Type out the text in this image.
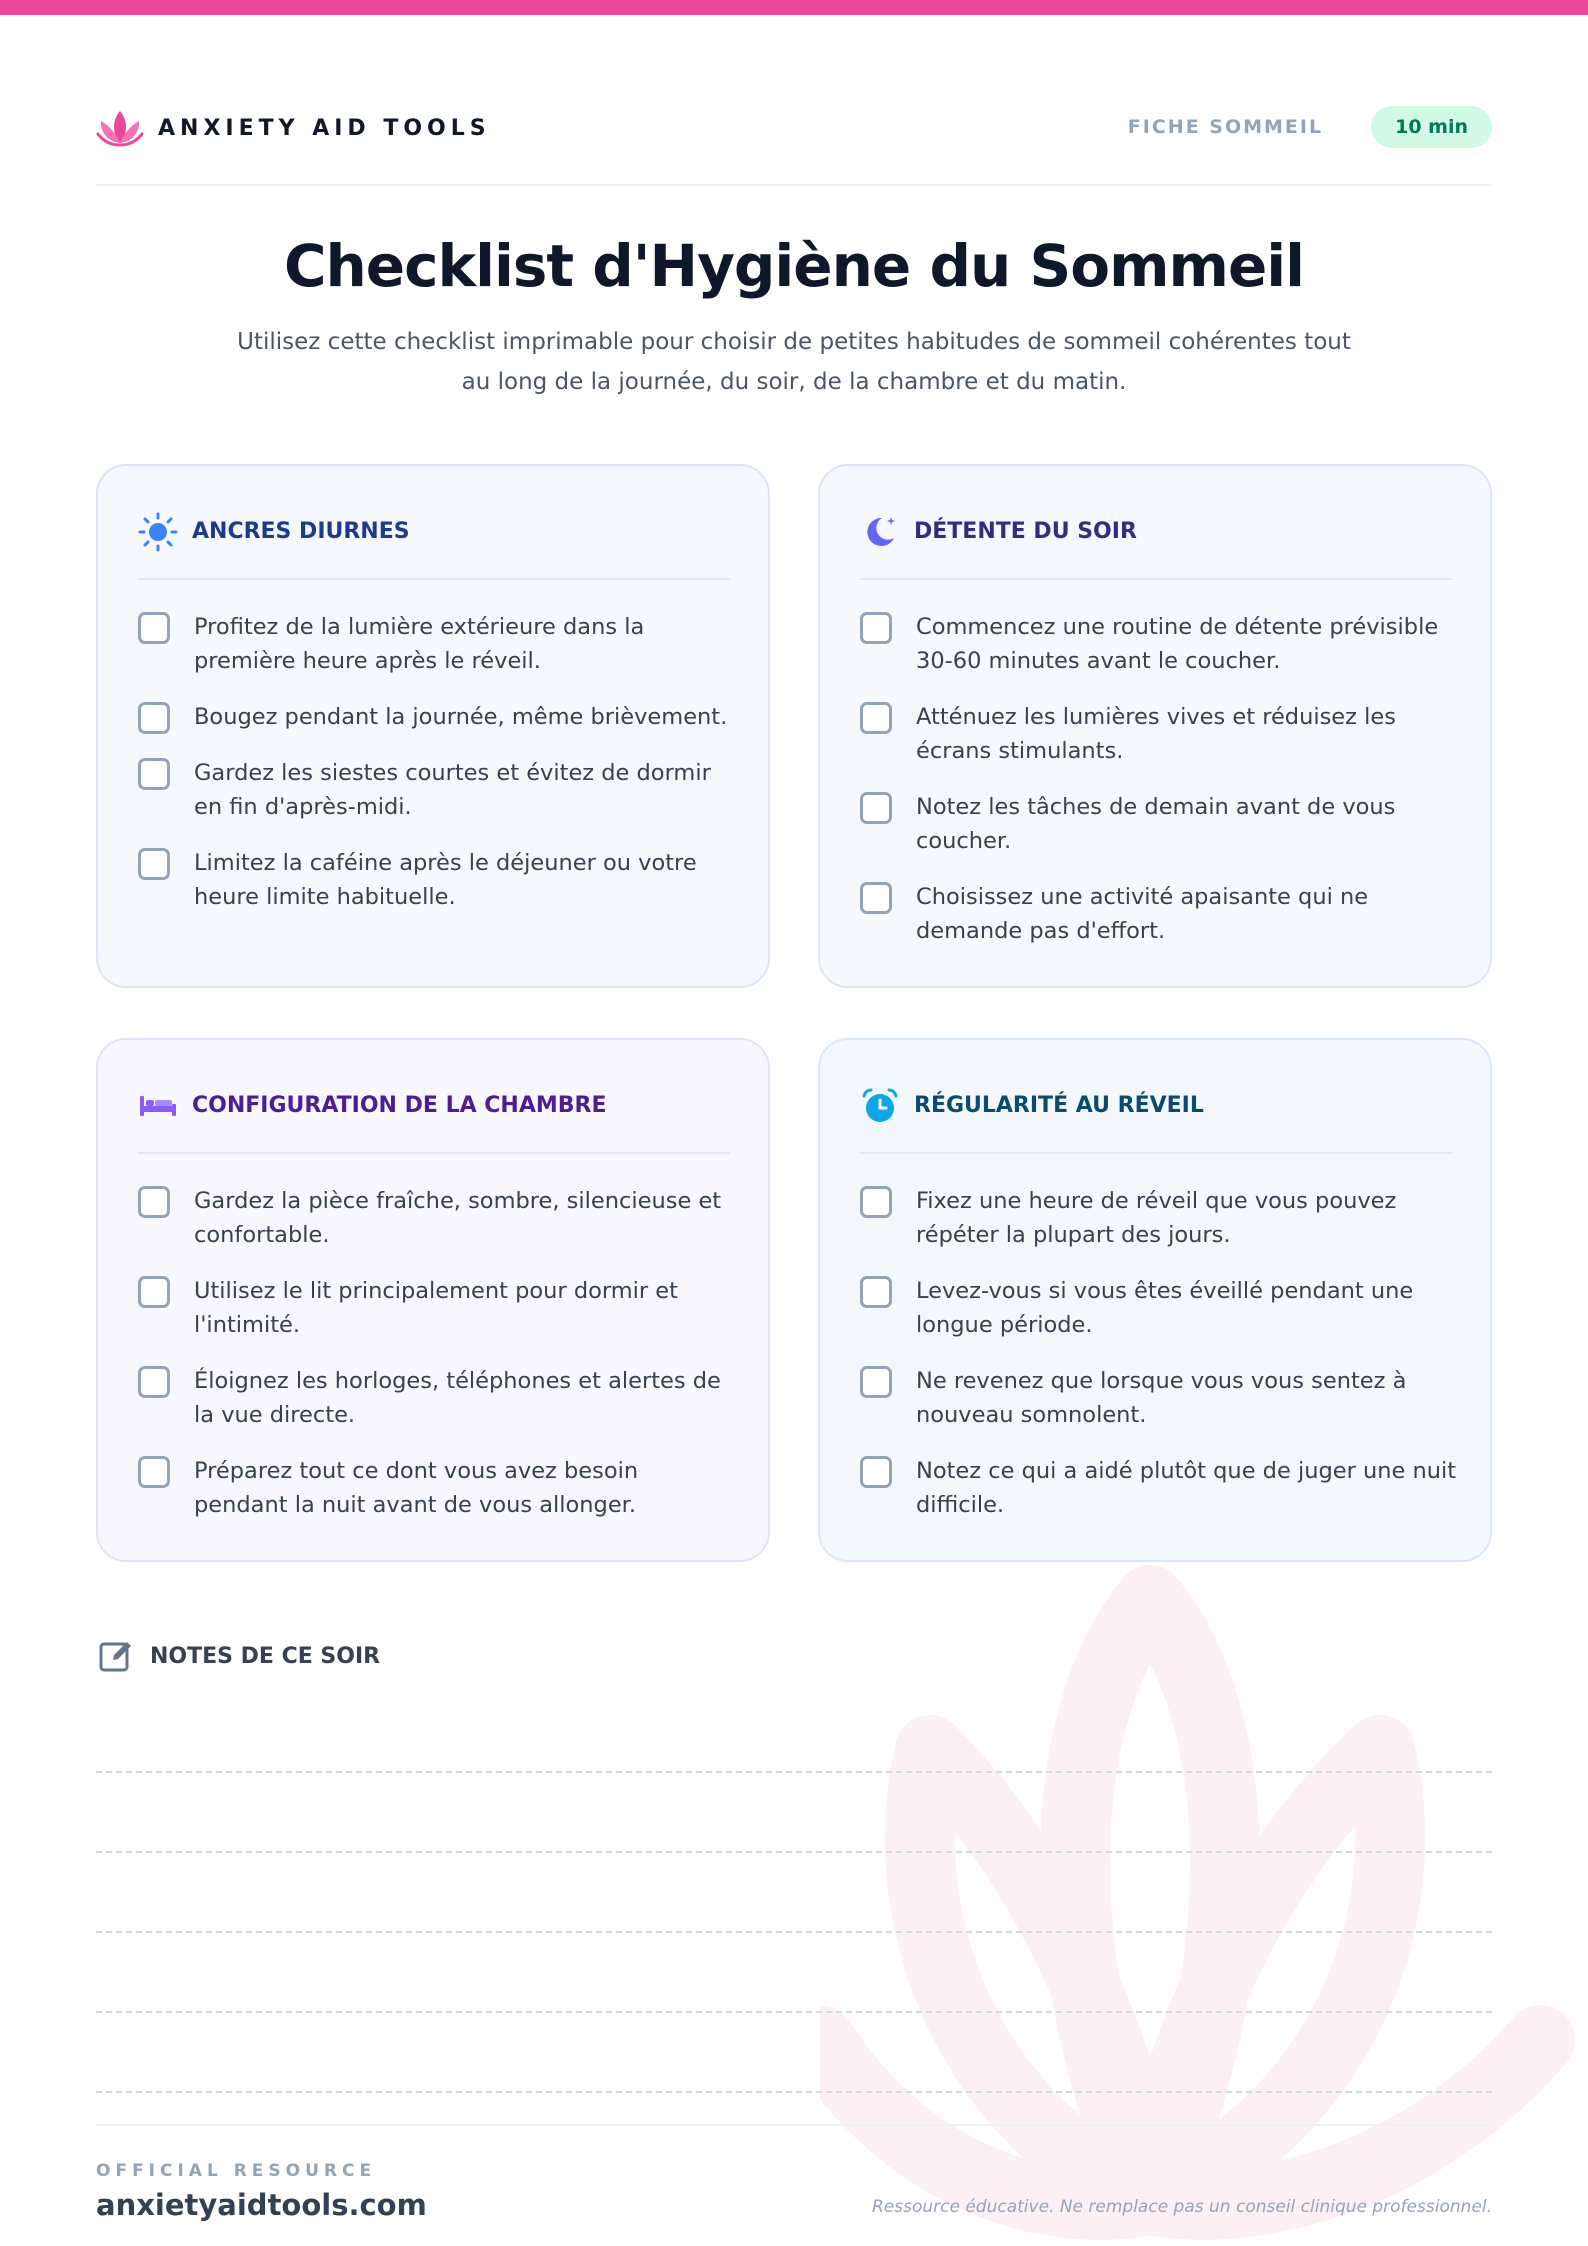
ANXIETY AID TOOLS	FICHE SOMMEIL	10 min
Checklist d'Hygiène du Sommeil

Utilisez cette checklist imprimable pour choisir de petites habitudes de sommeil cohérentes tout au long de la journée, du soir, de la chambre et du matin.

ANCRES DIURNES
Profitez de la lumière extérieure dans la première heure après le réveil.
Bougez pendant la journée, même brièvement.
Gardez les siestes courtes et évitez de dormir en fin d'après-midi.
Limitez la caféine après le déjeuner ou votre heure limite habituelle.
DÉTENTE DU SOIR
Commencez une routine de détente prévisible 30-60 minutes avant le coucher.
Atténuez les lumières vives et réduisez les écrans stimulants.
Notez les tâches de demain avant de vous coucher.
Choisissez une activité apaisante qui ne demande pas d'effort.
CONFIGURATION DE LA CHAMBRE
Gardez la pièce fraîche, sombre, silencieuse et confortable.
Utilisez le lit principalement pour dormir et l'intimité.
Éloignez les horloges, téléphones et alertes de la vue directe.
Préparez tout ce dont vous avez besoin pendant la nuit avant de vous allonger.
RÉGULARITÉ AU RÉVEIL
Fixez une heure de réveil que vous pouvez répéter la plupart des jours.
Levez-vous si vous êtes éveillé pendant une longue période.
Ne revenez que lorsque vous vous sentez à nouveau somnolent.
Notez ce qui a aidé plutôt que de juger une nuit difficile.
NOTES DE CE SOIR
OFFICIAL RESOURCE
anxietyaidtools.com	Ressource éducative. Ne remplace pas un conseil clinique professionnel.
